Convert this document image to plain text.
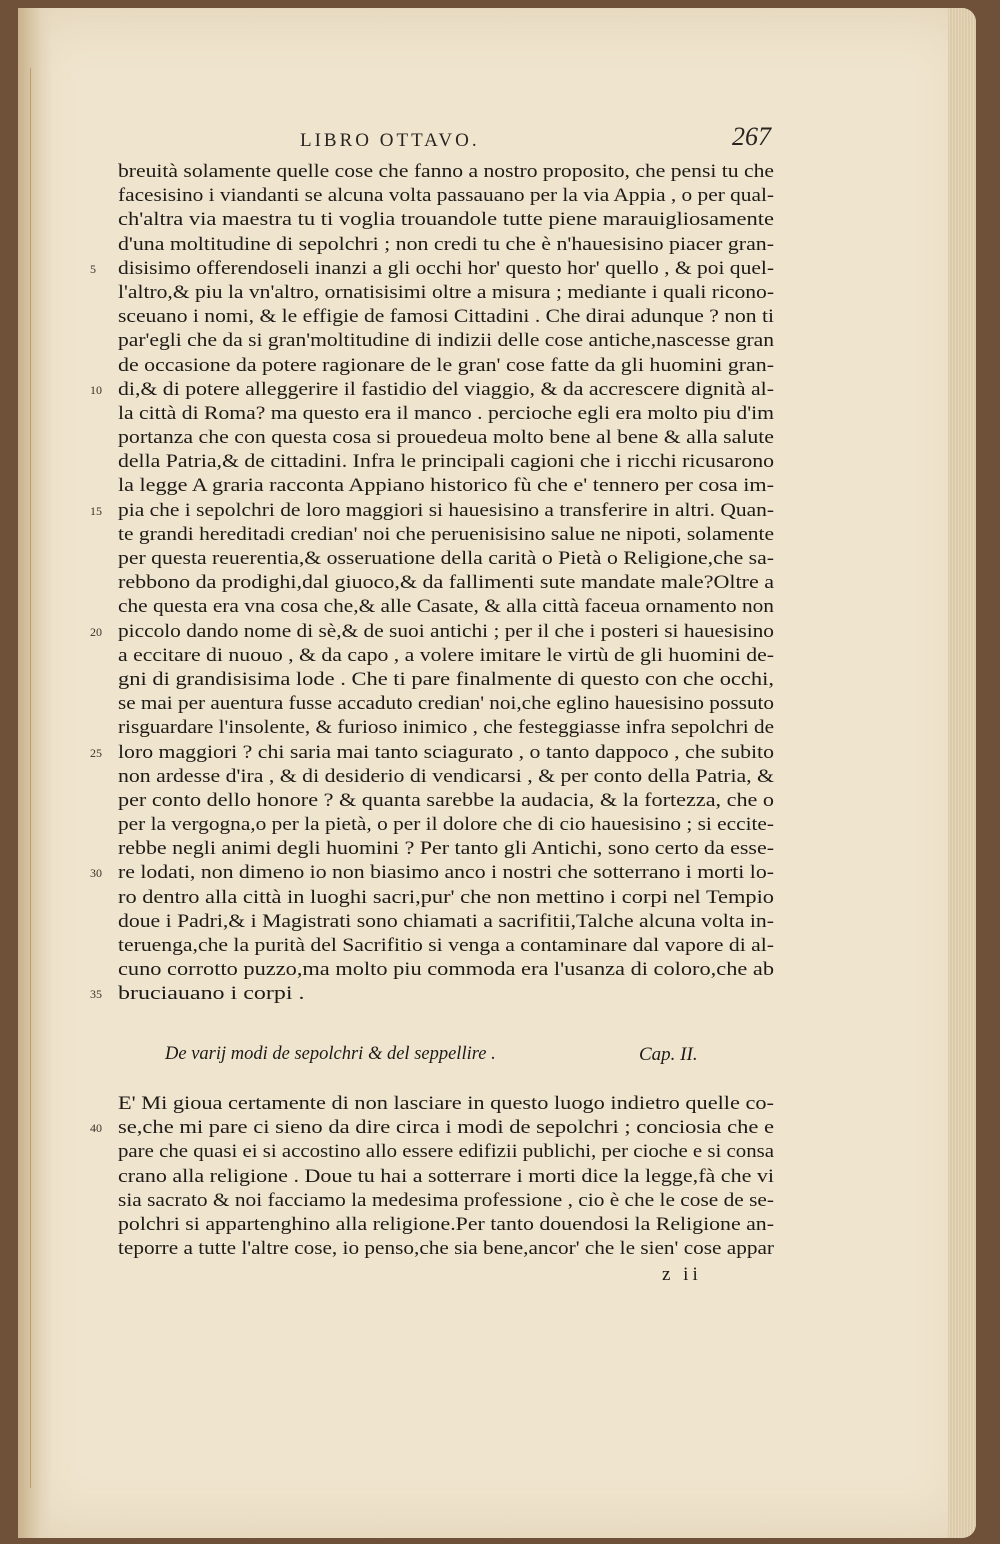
LIBRO OTTAVO.	267
breuità solamente quelle cose che fanno a nostro proposito, che pensi tu che
facesisino i viandanti se alcuna volta passauano per la via Appia , o per qual-
ch'altra via maestra tu ti voglia trouandole tutte piene marauigliosamente
d'una moltitudine di sepolchri ; non credi tu che è n'hauesisino piacer gran-
5 disisimo offerendoseli inanzi a gli occhi hor' questo hor' quello , & poi quel-
l'altro,& piu la vn'altro, ornatisisimi oltre a misura ; mediante i quali ricono-
sceuano i nomi, & le effigie de famosi Cittadini . Che dirai adunque ? non ti
par'egli che da si gran'moltitudine di indizii delle cose antiche,nascesse gran
de occasione da potere ragionare de le gran' cose fatte da gli huomini gran-
10 di,& di potere alleggerire il fastidio del viaggio, & da accrescere dignità al-
la città di Roma? ma questo era il manco . percioche egli era molto piu d'im
portanza che con questa cosa si prouedeua molto bene al bene & alla salute
della Patria,& de cittadini. Infra le principali cagioni che i ricchi ricusarono
la legge A graria racconta Appiano historico fù che e' tennero per cosa im-
15 pia che i sepolchri de loro maggiori si hauesisino a transferire in altri. Quan-
te grandi hereditadi credian' noi che peruenisisino salue ne nipoti, solamente
per questa reuerentia,& osseruatione della carità o Pietà o Religione,che sa-
rebbono da prodighi,dal giuoco,& da fallimenti sute mandate male?Oltre a
che questa era vna cosa che,& alle Casate, & alla città faceua ornamento non
20 piccolo dando nome di sè,& de suoi antichi ; per il che i posteri si hauesisino
a eccitare di nuouo , & da capo , a volere imitare le virtù de gli huomini de-
gni di grandisisima lode . Che ti pare finalmente di questo con che occhi,
se mai per auentura fusse accaduto credian' noi,che eglino hauesisino possuto
risguardare l'insolente, & furioso inimico , che festeggiasse infra sepolchri de
25 loro maggiori ? chi saria mai tanto sciagurato , o tanto dappoco , che subito
non ardesse d'ira , & di desiderio di vendicarsi , & per conto della Patria, &
per conto dello honore ? & quanta sarebbe la audacia, & la fortezza, che o
per la vergogna,o per la pietà, o per il dolore che di cio hauesisino ; si eccite-
rebbe negli animi degli huomini ? Per tanto gli Antichi, sono certo da esse-
30 re lodati, non dimeno io non biasimo anco i nostri che sotterrano i morti lo-
ro dentro alla città in luoghi sacri,pur' che non mettino i corpi nel Tempio
doue i Padri,& i Magistrati sono chiamati a sacrifitii,Talche alcuna volta in-
teruenga,che la purità del Sacrifitio si venga a contaminare dal vapore di al-
cuno corrotto puzzo,ma molto piu commoda era l'usanza di coloro,che ab
35 bruciauano i corpi .
De varij modi de sepolchri & del seppellire .	Cap. II.
E' Mi gioua certamente di non lasciare in questo luogo indietro quelle co-
40 se,che mi pare ci sieno da dire circa i modi de sepolchri ; conciosia che e
pare che quasi ei si accostino allo essere edifizii publichi, per cioche e si consa
crano alla religione . Doue tu hai a sotterrare i morti dice la legge,fà che vi
sia sacrato & noi facciamo la medesima professione , cio è che le cose de se-
polchri si appartenghino alla religione.Per tanto douendosi la Religione an-
teporre a tutte l'altre cose, io penso,che sia bene,ancor' che le sien' cose appar
z ii
